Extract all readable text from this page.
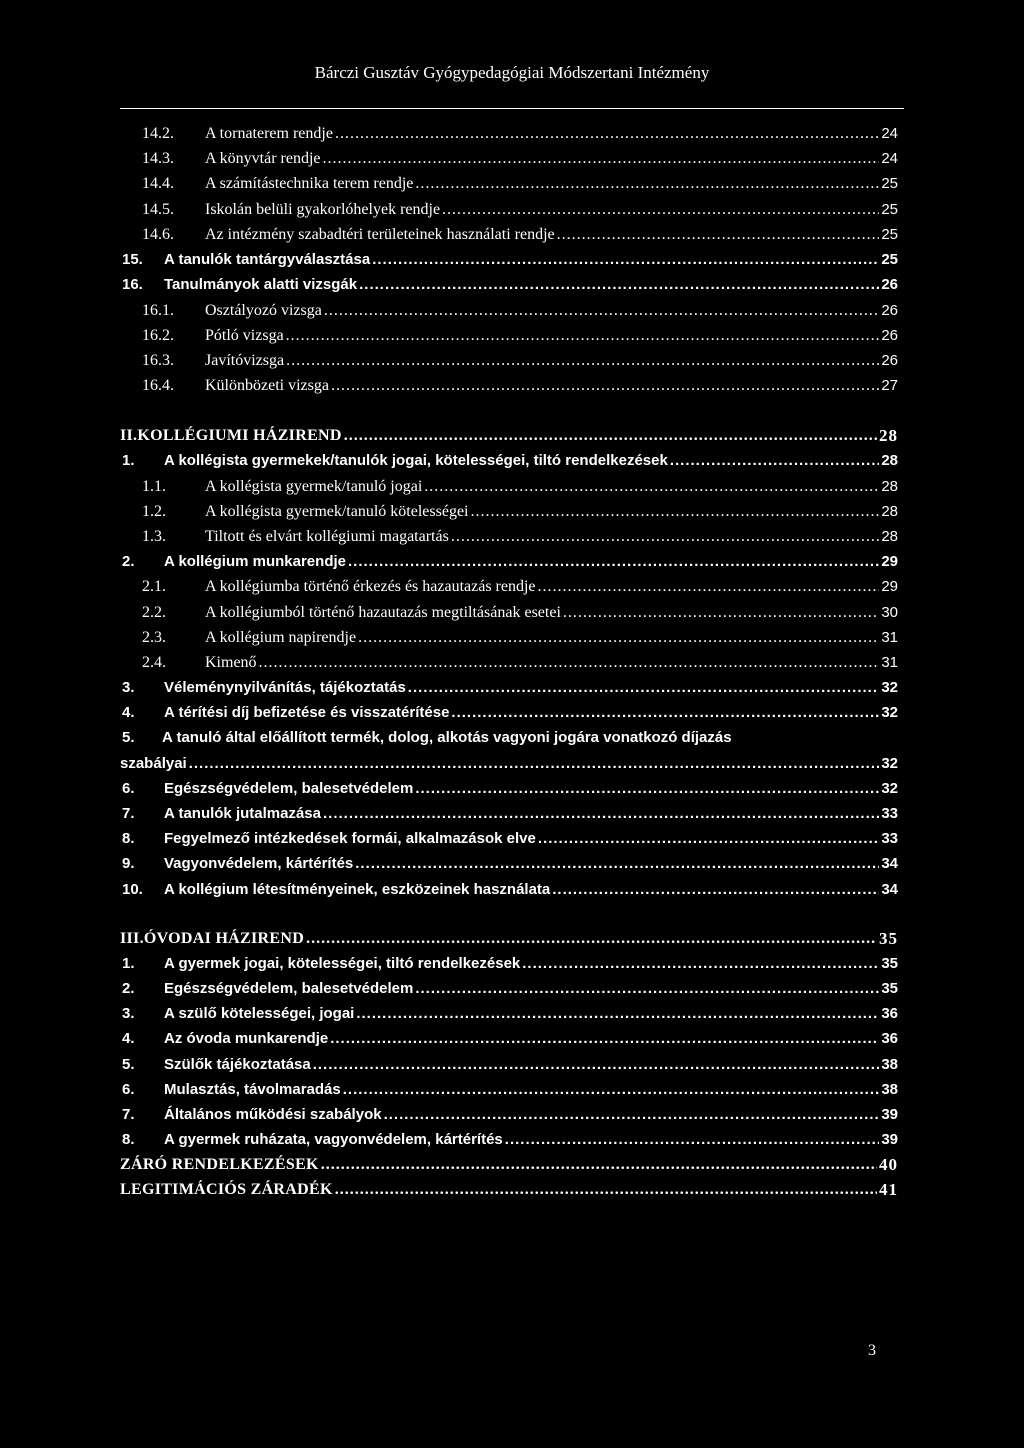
Bárczi Gusztáv Gyógypedagógiai Módszertani Intézmény
14.2.	A tornaterem rendje .....	24
14.3.	A könyvtár rendje .....	24
14.4.	A számítástechnika terem rendje .....	25
14.5.	Iskolán belüli gyakorlóhelyek rendje .....	25
14.6.	Az intézmény szabadtéri területeinek használati rendje .....	25
15.	A tanulók tantárgyválasztása .....	25
16.	Tanulmányok alatti vizsgák .....	26
16.1.	Osztályozó vizsga .....	26
16.2.	Pótló vizsga .....	26
16.3.	Javítóvizsga .....	26
16.4.	Különbözeti vizsga .....	27
II.KOLLÉGIUMI HÁZIREND .....	28
1.	A kollégista gyermekek/tanulók jogai, kötelességei, tiltó rendelkezések .....	28
1.1.	A kollégista gyermek/tanuló jogai .....	28
1.2.	A kollégista gyermek/tanuló kötelességei .....	28
1.3.	Tiltott és elvárt kollégiumi magatartás .....	28
2.	A kollégium munkarendje .....	29
2.1.	A kollégiumba történő érkezés és hazautazás rendje .....	29
2.2.	A kollégiumból történő hazautazás megtiltásának esetei .....	30
2.3.	A kollégium napirendje .....	31
2.4.	Kimenő .....	31
3.	Véleménynyilvánítás, tájékoztatás .....	32
4.	A térítési díj befizetése és visszatérítése .....	32
5. A tanuló által előállított termék, dolog, alkotás vagyoni jogára vonatkozó díjazás
szabályai .....	32
6.	Egészségvédelem, balesetvédelem .....	32
7.	A tanulók jutalmazása .....	33
8.	Fegyelmező intézkedések formái, alkalmazások elve .....	33
9.	Vagyonvédelem, kártérítés .....	34
10.	A kollégium létesítményeinek, eszközeinek használata .....	34
III.ÓVODAI HÁZIREND .....	35
1.	A gyermek jogai, kötelességei, tiltó rendelkezések .....	35
2.	Egészségvédelem, balesetvédelem .....	35
3.	A szülő kötelességei, jogai .....	36
4.	Az óvoda munkarendje .....	36
5.	Szülők tájékoztatása .....	38
6.	Mulasztás, távolmaradás .....	38
7.	Általános működési szabályok .....	39
8.	A gyermek ruházata, vagyonvédelem, kártérítés .....	39
ZÁRÓ RENDELKEZÉSEK .....	40
LEGITIMÁCIÓS ZÁRADÉK .....	41
3
